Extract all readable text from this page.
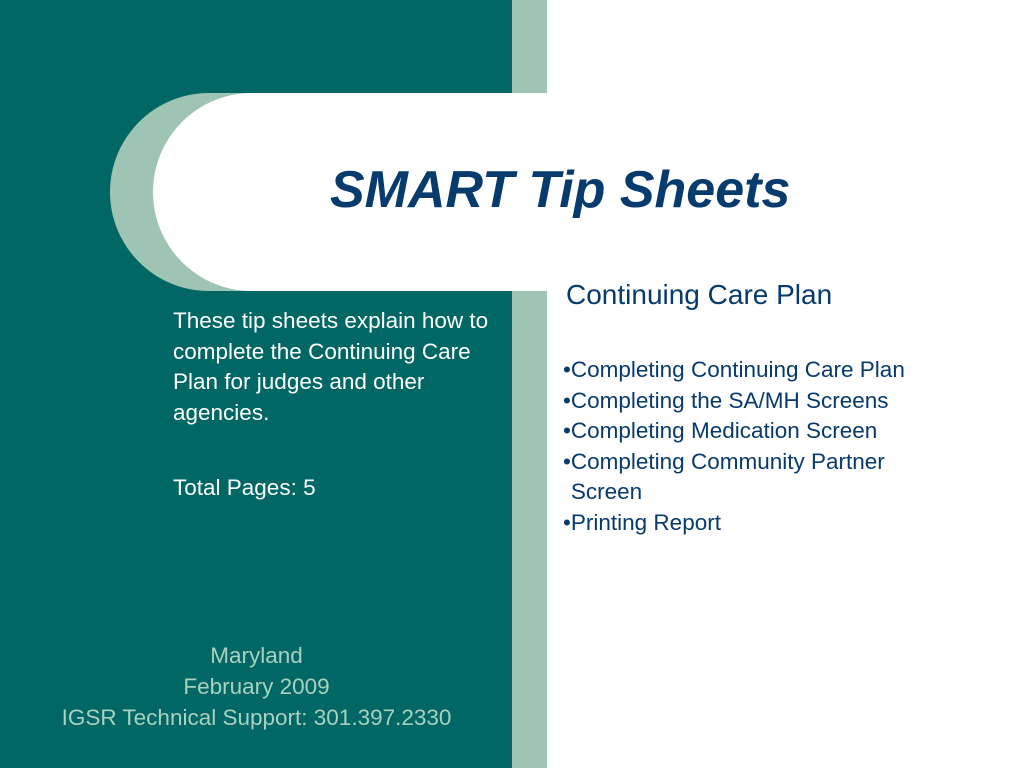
SMART Tip Sheets

These tip sheets explain how to complete the Continuing Care Plan for judges and other agencies.

Total Pages: 5

Maryland
February 2009
IGSR Technical Support: 301.397.2330
Continuing Care Plan
•Completing Continuing Care Plan
•Completing the SA/MH Screens
•Completing Medication Screen
•Completing Community Partner Screen
•Printing Report
